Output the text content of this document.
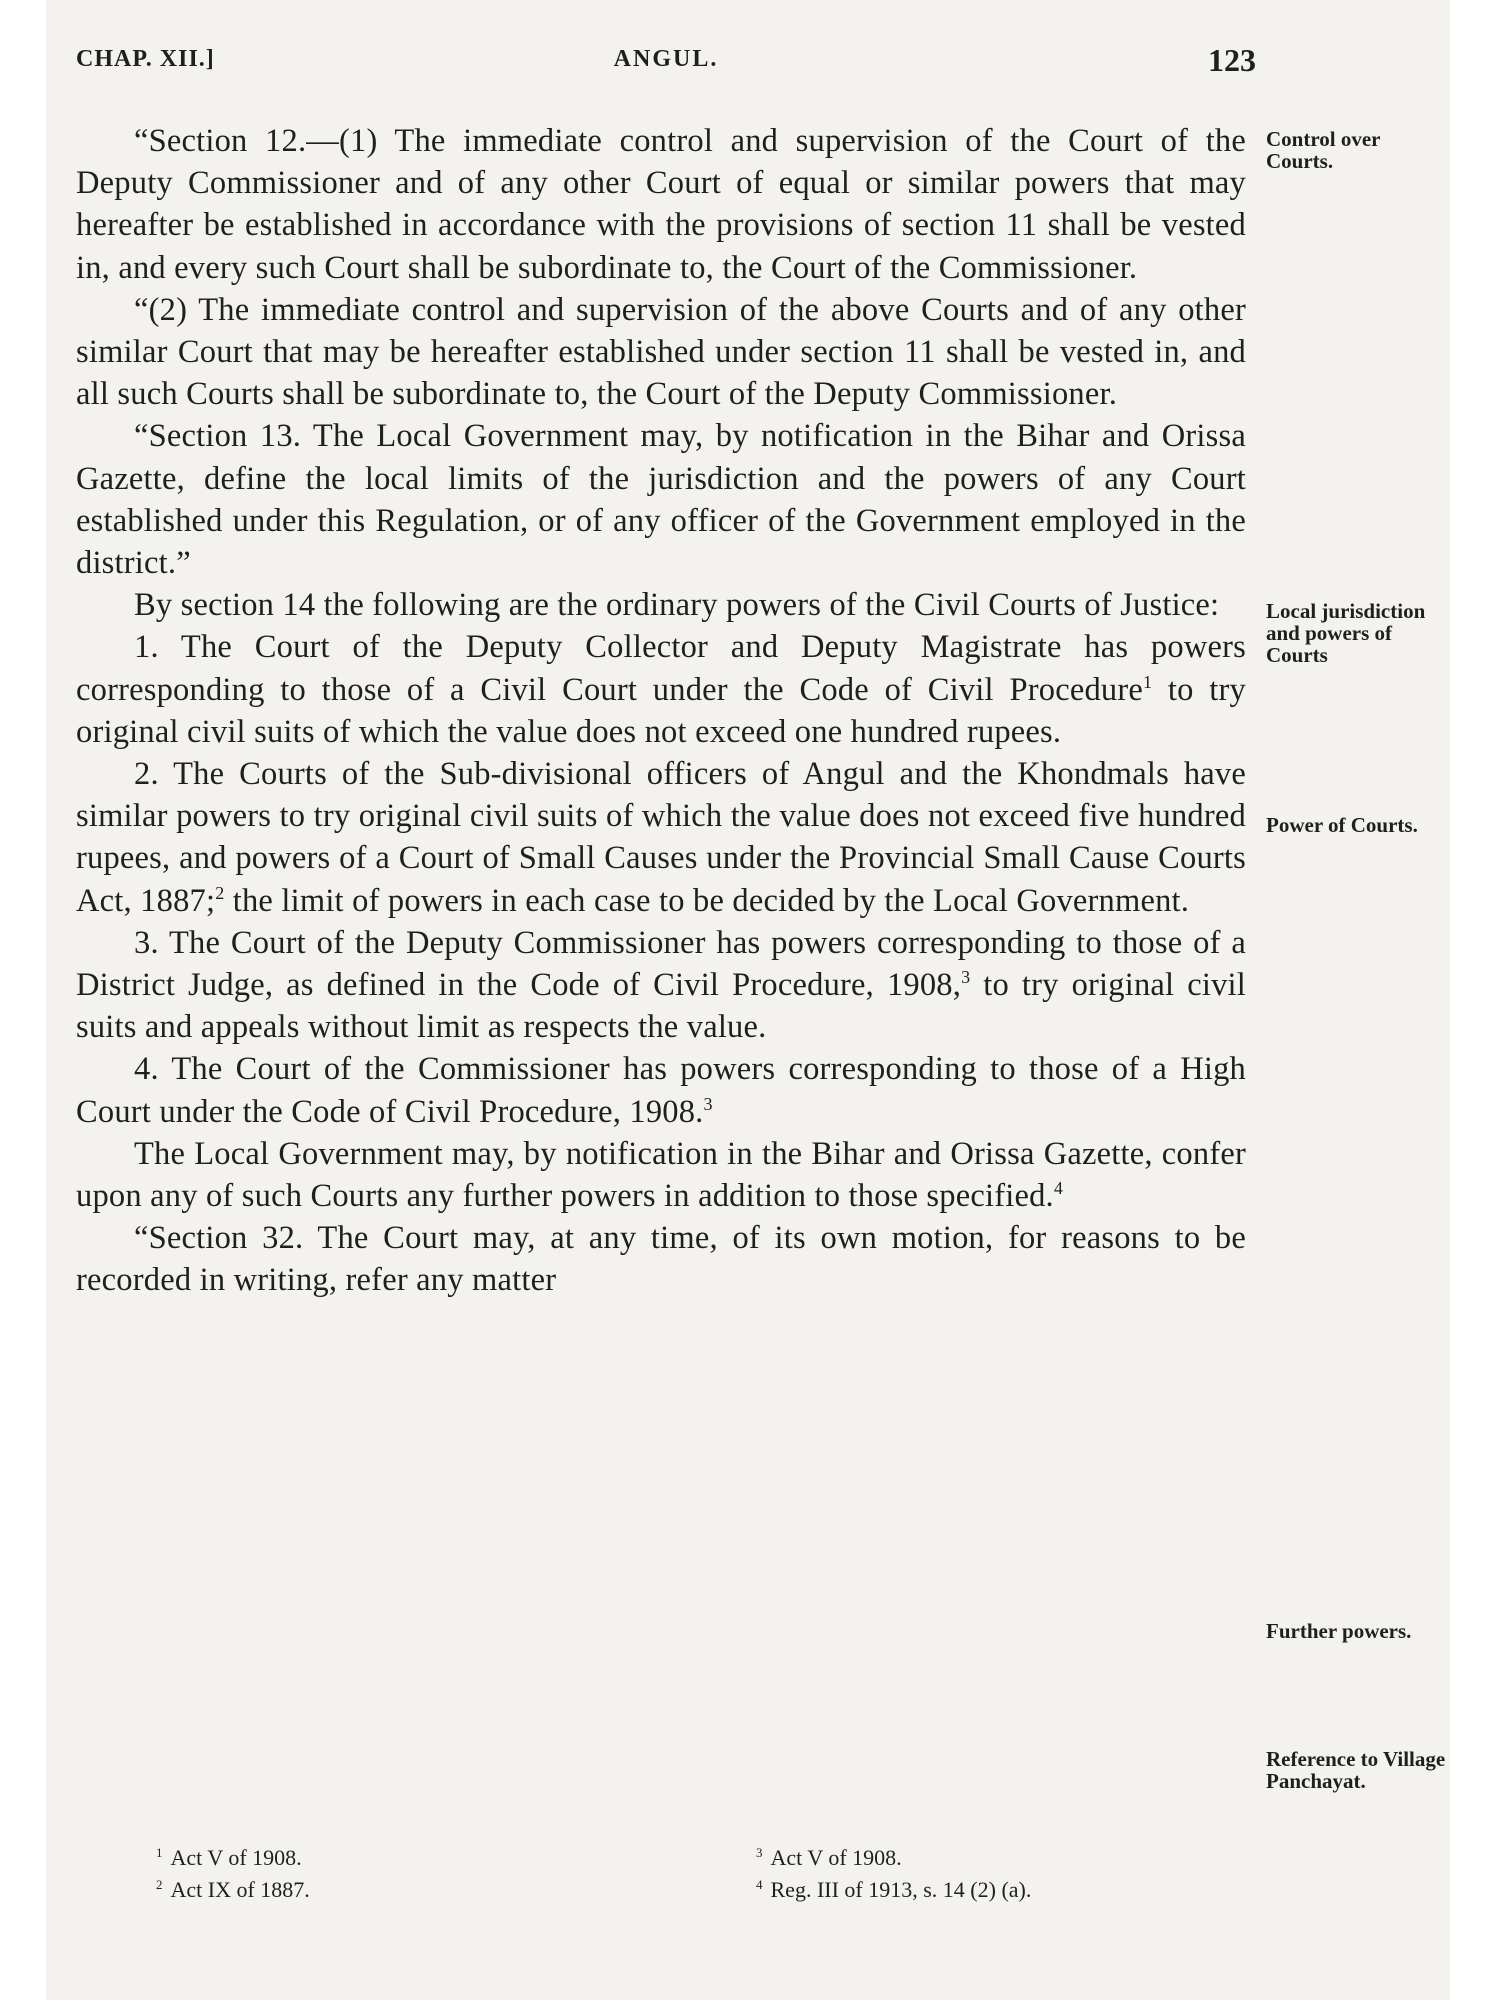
CHAP. XII.]	ANGUL.	123

“Section 12.—(1) The immediate control and supervision of the Court of the Deputy Commissioner and of any other Court of equal or similar powers that may hereafter be established in accordance with the provisions of section 11 shall be vested in, and every such Court shall be subordinate to, the Court of the Commissioner.

“(2) The immediate control and supervision of the above Courts and of any other similar Court that may be hereafter established under section 11 shall be vested in, and all such Courts shall be subordinate to, the Court of the Deputy Commissioner.

“Section 13. The Local Government may, by notification in the Bihar and Orissa Gazette, define the local limits of the jurisdiction and the powers of any Court established under this Regulation, or of any officer of the Government employed in the district.”

By section 14 the following are the ordinary powers of the Civil Courts of Justice:

1. The Court of the Deputy Collector and Deputy Magistrate has powers corresponding to those of a Civil Court under the Code of Civil Procedure$^1$ to try original civil suits of which the value does not exceed one hundred rupees.

2. The Courts of the Sub-divisional officers of Angul and the Khondmals have similar powers to try original civil suits of which the value does not exceed five hundred rupees, and powers of a Court of Small Causes under the Provincial Small Cause Courts Act, 1887;$^2$ the limit of powers in each case to be decided by the Local Government.

3. The Court of the Deputy Commissioner has powers corresponding to those of a District Judge, as defined in the Code of Civil Procedure, 1908,$^3$ to try original civil suits and appeals without limit as respects the value.

4. The Court of the Commissioner has powers corresponding to those of a High Court under the Code of Civil Procedure, 1908.$^3$

The Local Government may, by notification in the Bihar and Orissa Gazette, confer upon any of such Courts any further powers in addition to those specified.$^4$

“Section 32. The Court may, at any time, of its own motion, for reasons to be recorded in writing, refer any matter

Control over Courts.
Local jurisdiction and powers of Courts
Power of Courts.
Further powers.
Reference to Village Panchayat.
$^1$ Act V of 1908.
$^2$ Act IX of 1887.
$^3$ Act V of 1908.
$^4$ Reg. III of 1913, s. 14 (2) (a).
